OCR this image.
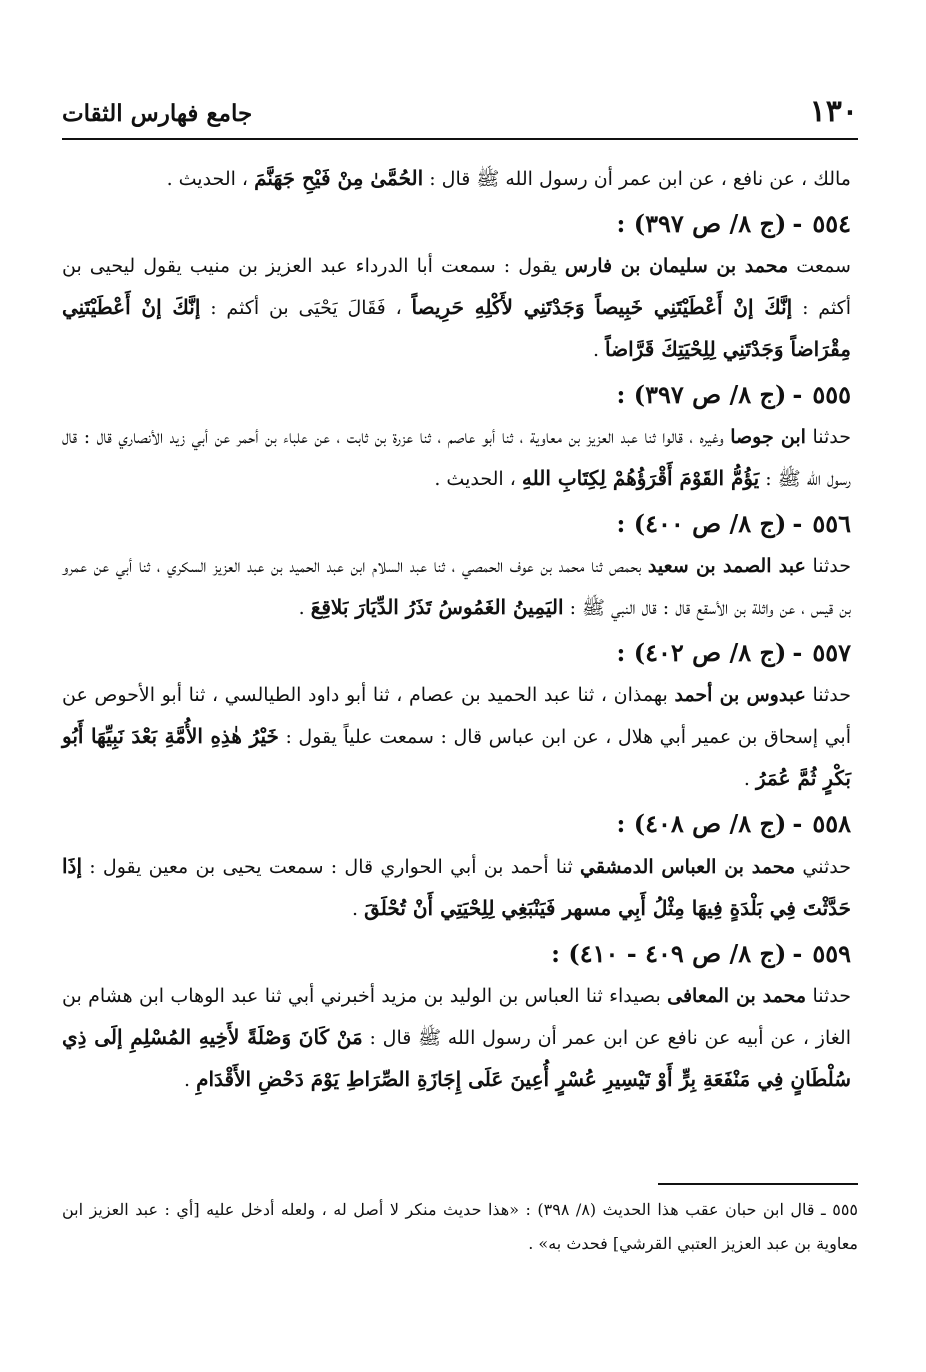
١٣٠
جامع فهارس الثقات

مالك ، عن نافع ، عن ابن عمر أن رسول الله ﷺ قال : الحُمَّىٰ مِنْ فَيْحِ جَهَنَّمَ ، الحديث .

٥٥٤-(ج ٨/ ص ٣٩٧) :

سمعت محمد بن سليمان بن فارس يقول : سمعت أبا الدرداء عبد العزيز بن منيب يقول ليحيى بن أكثم : إنَّكَ إنْ أَعْطَيْتَنِي خَبِيصاً وَجَدْتَنِي لأَكْلِهِ حَرِيصاً ، فَقَالَ يَحْيَى بن أكثم : إنَّكَ إنْ أَعْطَيْتَنِي مِقْرَاضاً وَجَدْتَنِي لِلِحْيَتِكَ قَرَّاضاً .

٥٥٥-(ج ٨/ ص ٣٩٧) :

حدثنا ابن جوصا وغيره ، قالوا ثنا عبد العزيز بن معاوية ، ثنا أبو عاصم ، ثنا عزرة بن ثابت ، عن علباء بن أحمر عن أبي زيد الأنصاري قال : قال رسول الله ﷺ : يَؤُمُّ القَوْمَ أَقْرَؤُهُمْ لِكِتَابِ اللهِ ، الحديث .

٥٥٦-(ج ٨/ ص ٤٠٠) :

حدثنا عبد الصمد بن سعيد بحمص ثنا محمد بن عوف الحمصي ، ثنا عبد السلام ابن عبد الحميد بن عبد العزيز السكري ، ثنا أبي عن عمرو بن قيس ، عن واثلة بن الأسقع قال : قال النبي ﷺ : اليَمِينُ الغَمُوسُ تَذَرُ الدِّيَارَ بَلاقِعَ .

٥٥٧-(ج ٨/ ص ٤٠٢) :

حدثنا عبدوس بن أحمد بهمذان ، ثنا عبد الحميد بن عصام ، ثنا أبو داود الطيالسي ، ثنا أبو الأحوص عن أبي إسحاق بن عمير أبي هلال ، عن ابن عباس قال : سمعت علياً يقول : خَيْرُ هٰذِهِ الأُمَّةِ بَعْدَ نَبِيِّهَا أَبُو بَكْرٍ ثُمَّ عُمَرُ .

٥٥٨-(ج ٨/ ص ٤٠٨) :

حدثني محمد بن العباس الدمشقي ثنا أحمد بن أبي الحواري قال : سمعت يحيى بن معين يقول : إذَا حَدَّثْتَ فِي بَلْدَةٍ فِيهَا مِثْلُ أَبِي مسهر فَيَنْبَغِي لِلِحْيَتِي أَنْ تُحْلَقَ .

٥٥٩-(ج ٨/ ص ٤٠٩ - ٤١٠) :

حدثنا محمد بن المعافى بصيداء ثنا العباس بن الوليد بن مزيد أخبرني أبي ثنا عبد الوهاب ابن هشام بن الغاز ، عن أبيه عن نافع عن ابن عمر أن رسول الله ﷺ قال : مَنْ كَانَ وَصْلَةً لأَخِيهِ المُسْلِمِ إلَى ذِي سُلْطَانٍ فِي مَنْفَعَةِ بِرٍّ أَوْ تَيْسِيرِ عُسْرٍ أُعِينَ عَلَى إِجَازَةِ الصِّرَاطِ يَوْمَ دَحْضِ الأَقْدَامِ .

٥٥٥ ـ قال ابن حبان عقب هذا الحديث (٨/ ٣٩٨) : «هذا حديث منكر لا أصل له ، ولعله أدخل عليه [أي : عبد العزيز ابن معاوية بن عبد العزيز العتبي القرشي] فحدث به» .
